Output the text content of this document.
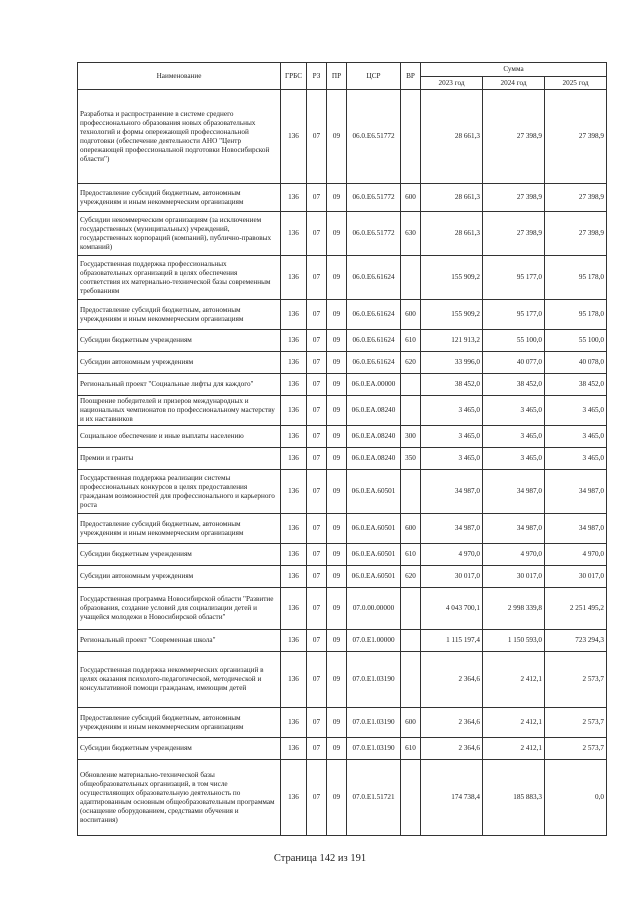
Наименование	ГРБС	РЗ	ПР	ЦСР	ВР	Сумма		
						2023 год	2024 год	2025 год
Разработка и распространение в системе среднего профессионального образования новых образовательных технологий и формы опережающей профессиональной подготовки (обеспечение деятельности АНО "Центр опережающей профессиональной подготовки Новосибирской области")	136	07	09	06.0.Е6.51772		28 661,3	27 398,9	27 398,9
Предоставление субсидий бюджетным, автономным учреждениям и иным некоммерческим организациям	136	07	09	06.0.Е6.51772	600	28 661,3	27 398,9	27 398,9
Субсидии некоммерческим организациям (за исключением государственных (муниципальных) учреждений, государственных корпораций (компаний), публично-правовых компаний)	136	07	09	06.0.Е6.51772	630	28 661,3	27 398,9	27 398,9
Государственная поддержка профессиональных образовательных организаций в целях обеспечения соответствия их материально-технической базы современным требованиям	136	07	09	06.0.Е6.61624		155 909,2	95 177,0	95 178,0
Предоставление субсидий бюджетным, автономным учреждениям и иным некоммерческим организациям	136	07	09	06.0.Е6.61624	600	155 909,2	95 177,0	95 178,0
Субсидии бюджетным учреждениям	136	07	09	06.0.Е6.61624	610	121 913,2	55 100,0	55 100,0
Субсидии автономным учреждениям	136	07	09	06.0.Е6.61624	620	33 996,0	40 077,0	40 078,0
Региональный проект "Социальные лифты для каждого"	136	07	09	06.0.ЕА.00000		38 452,0	38 452,0	38 452,0
Поощрение победителей и призеров международных и национальных чемпионатов по профессиональному мастерству и их наставников	136	07	09	06.0.ЕА.08240		3 465,0	3 465,0	3 465,0
Социальное обеспечение и иные выплаты населению	136	07	09	06.0.ЕА.08240	300	3 465,0	3 465,0	3 465,0
Премии и гранты	136	07	09	06.0.ЕА.08240	350	3 465,0	3 465,0	3 465,0
Государственная поддержка реализации системы профессиональных конкурсов в целях предоставления гражданам возможностей для профессионального и карьерного роста	136	07	09	06.0.ЕА.60501		34 987,0	34 987,0	34 987,0
Предоставление субсидий бюджетным, автономным учреждениям и иным некоммерческим организациям	136	07	09	06.0.ЕА.60501	600	34 987,0	34 987,0	34 987,0
Субсидии бюджетным учреждениям	136	07	09	06.0.ЕА.60501	610	4 970,0	4 970,0	4 970,0
Субсидии автономным учреждениям	136	07	09	06.0.ЕА.60501	620	30 017,0	30 017,0	30 017,0
Государственная программа Новосибирской области "Развитие образования, создание условий для социализации детей и учащейся молодежи в Новосибирской области"	136	07	09	07.0.00.00000		4 043 700,1	2 998 339,8	2 251 495,2
Региональный проект "Современная школа"	136	07	09	07.0.Е1.00000		1 115 197,4	1 150 593,0	723 294,3
Государственная поддержка некоммерческих организаций в целях оказания психолого-педагогической, методической и консультативной помощи гражданам, имеющим детей	136	07	09	07.0.Е1.03190		2 364,6	2 412,1	2 573,7
Предоставление субсидий бюджетным, автономным учреждениям и иным некоммерческим организациям	136	07	09	07.0.Е1.03190	600	2 364,6	2 412,1	2 573,7
Субсидии бюджетным учреждениям	136	07	09	07.0.Е1.03190	610	2 364,6	2 412,1	2 573,7
Обновление материально-технической базы общеобразовательных организаций, в том числе осуществляющих образовательную деятельность по адаптированным основным общеобразовательным программам (оснащение оборудованием, средствами обучения и воспитания)	136	07	09	07.0.Е1.51721		174 738,4	185 883,3	0,0
Страница 142 из 191
